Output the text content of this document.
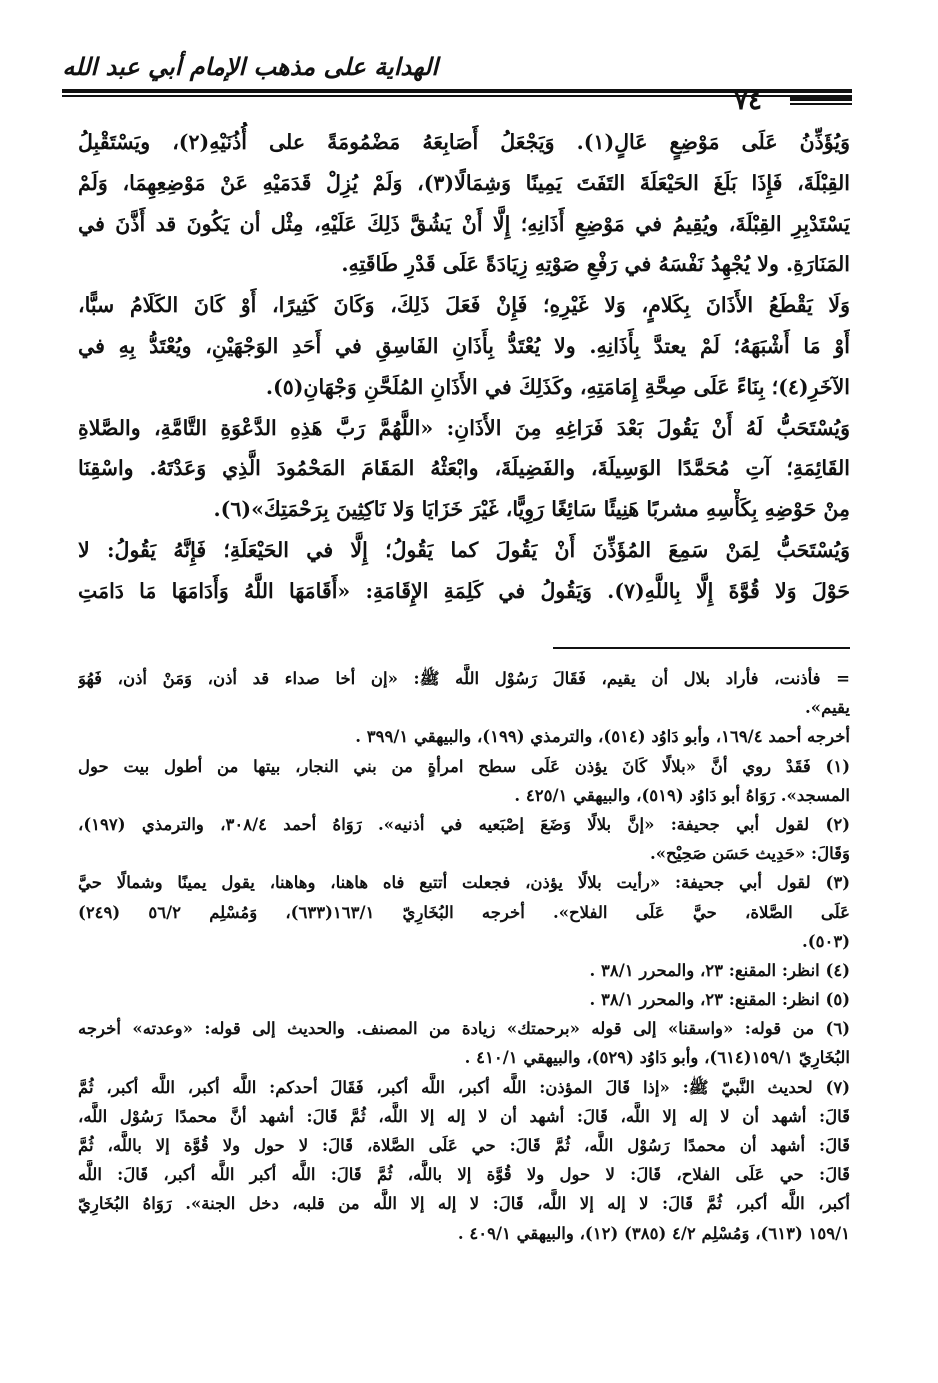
الهداية على مذهب الإمام أبي عبد الله
٧٤
وَيُؤَذِّنُ عَلَى مَوْضِعٍ عَالٍ(١). وَيَجْعَلُ أَصَابِعَهُ مَضْمُومَةً على أُذُنَيْهِ(٢)، ويَسْتَقْبِلُ
القِبْلَةَ، فَإِذَا بَلَغَ الحَيْعَلَةَ التَفَتَ يَمِينًا وَشِمَالًا(٣)، وَلَمْ يُزِلْ قَدَمَيْهِ عَنْ مَوْضِعِهِمَا، وَلَمْ
يَسْتَدْبِرِ القِبْلَةَ، ويُقِيمُ في مَوْضِعِ أَذَانِهِ؛ إِلَّا أَنْ يَشُقَّ ذَلِكَ عَلَيْهِ، مِثْل أن يَكُونَ قد أَذَّنَ في
المَنَارَةِ. ولا يُجْهِدُ نَفْسَهُ في رَفْعِ صَوْتِهِ زِيَادَةً عَلَى قَدْرِ طَاقَتِهِ.
وَلَا يَقْطَعُ الأَذَانَ بِكَلامٍ، وَلا غَيْرِهِ؛ فَإِنْ فَعَلَ ذَلِكَ، وَكَانَ كَثِيرًا، أَوْ كَانَ الكَلَامُ سبًّا،
أَوْ مَا أَشْبَهَهُ؛ لَمْ يعتدَّ بِأَذَانِهِ. ولا يُعْتَدُّ بِأَذَانِ الفَاسِقِ في أَحَدِ الوَجْهَيْنِ، ويُعْتَدُّ بِهِ في
الآخَرِ(٤)؛ بِنَاءً عَلَى صِحَّةِ إِمَامَتِهِ، وكَذَلِكَ في الأَذَانِ المُلَحَّنِ وَجْهَانِ(٥).
وَيُسْتَحَبُّ لَهُ أَنْ يَقُولَ بَعْدَ فَرَاغِهِ مِنَ الأَذَانِ: «اللَّهُمَّ رَبَّ هَذِهِ الدَّعْوَةِ التَّامَّةِ، والصَّلاةِ
القَائِمَةِ؛ آتِ مُحَمَّدًا الوَسِيلَةَ، والفَضِيلَةَ، وابْعَثْهُ المَقَامَ المَحْمُودَ الَّذِي وَعَدْتَهُ. واسْقِنَا
مِنْ حَوْضِهِ بِكَأْسِهِ مشربًا هَنِيئًا سَائِغًا رَوِيًّا، غَيْرَ خَزَايَا وَلا نَاكِثِينَ بِرَحْمَتِكَ»(٦).
وَيُسْتَحَبُّ لِمَنْ سَمِعَ المُؤَذِّنَ أَنْ يَقُولَ كما يَقُولُ؛ إِلَّا في الحَيْعَلَةِ؛ فَإِنَّهُ يَقُولُ: لا
حَوْلَ وَلا قُوَّةَ إِلَّا بِاللَّهِ(٧). وَيَقُولُ في كَلِمَةِ الإِقَامَةِ: «أَقَامَهَا اللَّهُ وَأَدَامَهَا مَا دَامَتِ
= فأذنت، فأراد بلال أن يقيم، فَقَالَ رَسُوْل اللَّه ﷺ: «إن أخا صداء قد أذن، وَمَنْ أذن، فَهُوَ
يقيم».
أخرجه أحمد ١٦٩/٤، وأبو دَاوُد (٥١٤)، والترمذي (١٩٩)، والبيهقي ٣٩٩/١ .
(١) فَقَدْ روي أنَّ «بلالًا كَانَ يؤذن عَلَى سطح امرأةٍ من بني النجار، بيتها من أطول بيت حول
المسجد». رَوَاهُ أبو دَاوُد (٥١٩)، والبيهقي ٤٢٥/١ .
(٢) لقول أبي جحيفة: «إنَّ بلالًا وَضَعَ إصْبَعيه في أذنيه». رَوَاهُ أحمد ٣٠٨/٤، والترمذي (١٩٧)،
وَقَالَ: «حَدِيث حَسَن صَحِيْح».
(٣) لقول أبي جحيفة: «رأيت بلالًا يؤذن، فجعلت أتتبع فاه هاهنا، وهاهنا، يقول يمينًا وشمالًا حيَّ
عَلَى الصَّلاة، حيَّ عَلَى الفلاح». أخرجه البُخَارِيّ ١٦٣/١(٦٣٣)، وَمُسْلِم ٥٦/٢ (٢٤٩)
(٥٠٣).
(٤) انظر: المقنع: ٢٣، والمحرر ٣٨/١ .
(٥) انظر: المقنع: ٢٣، والمحرر ٣٨/١ .
(٦) من قوله: «واسقنا» إلى قوله «برحمتك» زيادة من المصنف. والحديث إلى قوله: «وعدته» أخرجه
البُخَارِيّ ١٥٩/١(٦١٤)، وأبو دَاوُد (٥٢٩)، والبيهقي ٤١٠/١ .
(٧) لحديث النَّبيّ ﷺ: «إذا قَالَ المؤذن: اللَّه أكبر، اللَّه أكبر، فَقَالَ أحدكم: اللَّه أكبر، اللَّه أكبر، ثُمَّ
قَالَ: أشهد أن لا إله إلا اللَّه، قَالَ: أشهد أن لا إله إلا اللَّه، ثُمَّ قَالَ: أشهد أنَّ محمدًا رَسُوْل اللَّه،
قَالَ: أشهد أن محمدًا رَسُوْل اللَّه، ثُمَّ قَالَ: حي عَلَى الصَّلاة، قَالَ: لا حول ولا قُوَّة إلا باللَّه، ثُمَّ
قَالَ: حي عَلَى الفلاح، قَالَ: لا حول ولا قُوَّة إلا باللَّه، ثُمَّ قَالَ: اللَّه أكبر اللَّه أكبر، قَالَ: اللَّه
أكبر، اللَّه أكبر، ثُمَّ قَالَ: لا إله إلا اللَّه، قَالَ: لا إله إلا اللَّه من قلبه، دخل الجنة». رَوَاهُ البُخَارِيّ
١٥٩/١ (٦١٣)، وَمُسْلِم ٤/٢ (٣٨٥) (١٢)، والبيهقي ٤٠٩/١ .
